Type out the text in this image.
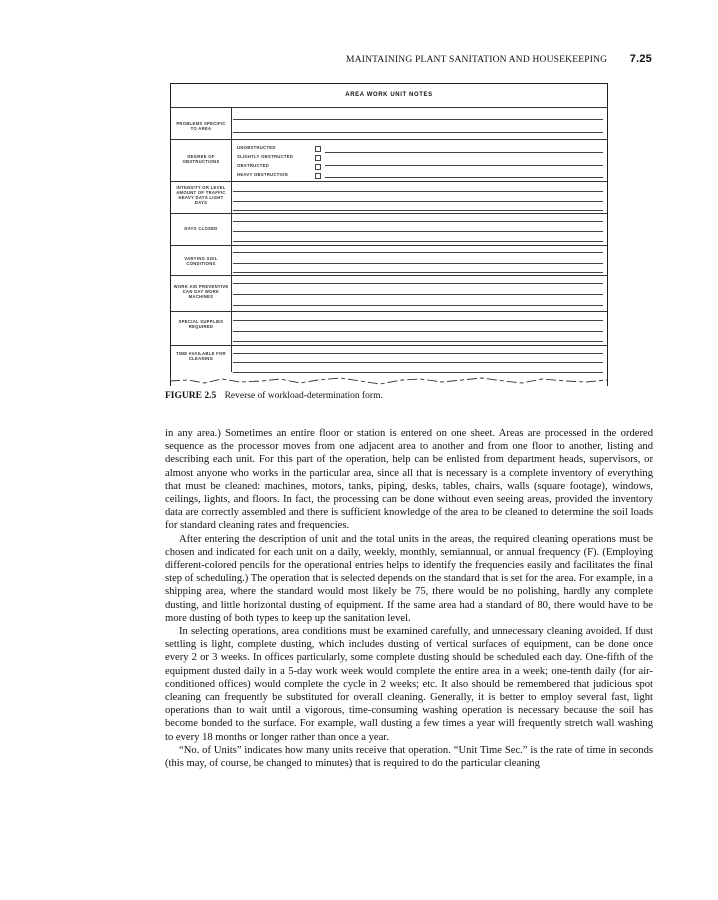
MAINTAINING PLANT SANITATION AND HOUSEKEEPING 7.25
AREA WORK UNIT NOTES
PROBLEMS SPECIFIC TO AREA
DEGREE OF OBSTRUCTIONS
UNOBSTRUCTED
SLIGHTLY OBSTRUCTED
OBSTRUCTED
HEAVY OBSTRUCTION
INTENSITY OR LEVEL AMOUNT OF TRAFFIC HEAVY DAYS LIGHT DAYS
DAYS CLOSED
VARYING SOIL CONDITIONS
WORK AID PREVENTIVE CAN DAY WORK MACHINES
SPECIAL SUPPLIES REQUIRED
TIME AVAILABLE FOR CLEANING
FIGURE 2.5 Reverse of workload-determination form.

in any area.) Sometimes an entire floor or station is entered on one sheet. Areas are processed in the ordered sequence as the processor moves from one adjacent area to another and from one floor to another, listing and describing each unit. For this part of the operation, help can be enlisted from department heads, supervisors, or almost anyone who works in the particular area, since all that is necessary is a complete inventory of everything that must be cleaned: machines, motors, tanks, piping, desks, tables, chairs, walls (square footage), windows, ceilings, lights, and floors. In fact, the processing can be done without even seeing areas, provided the inventory data are correctly assembled and there is sufficient knowledge of the area to be cleaned to determine the soil loads for standard cleaning rates and frequencies.

After entering the description of unit and the total units in the areas, the required cleaning operations must be chosen and indicated for each unit on a daily, weekly, monthly, semiannual, or annual frequency (F). (Employing different-colored pencils for the operational entries helps to identify the frequencies easily and facilitates the final step of scheduling.) The operation that is selected depends on the standard that is set for the area. For example, in a shipping area, where the standard would most likely be 75, there would be no polishing, hardly any complete dusting, and little horizontal dusting of equipment. If the same area had a standard of 80, there would have to be more dusting of both types to keep up the sanitation level.

In selecting operations, area conditions must be examined carefully, and unnecessary cleaning avoided. If dust settling is light, complete dusting, which includes dusting of vertical surfaces of equipment, can be done once every 2 or 3 weeks. In offices particularly, some complete dusting should be scheduled each day. One-fifth of the equipment dusted daily in a 5-day work week would complete the entire area in a week; one-tenth daily (for air-conditioned offices) would complete the cycle in 2 weeks; etc. It also should be remembered that judicious spot cleaning can frequently be substituted for overall cleaning. Generally, it is better to employ several fast, light operations than to wait until a vigorous, time-consuming washing operation is necessary because the soil has become bonded to the surface. For example, wall dusting a few times a year will frequently stretch wall washing to every 18 months or longer rather than once a year.

“No. of Units” indicates how many units receive that operation. “Unit Time Sec.” is the rate of time in seconds (this may, of course, be changed to minutes) that is required to do the particular cleaning
